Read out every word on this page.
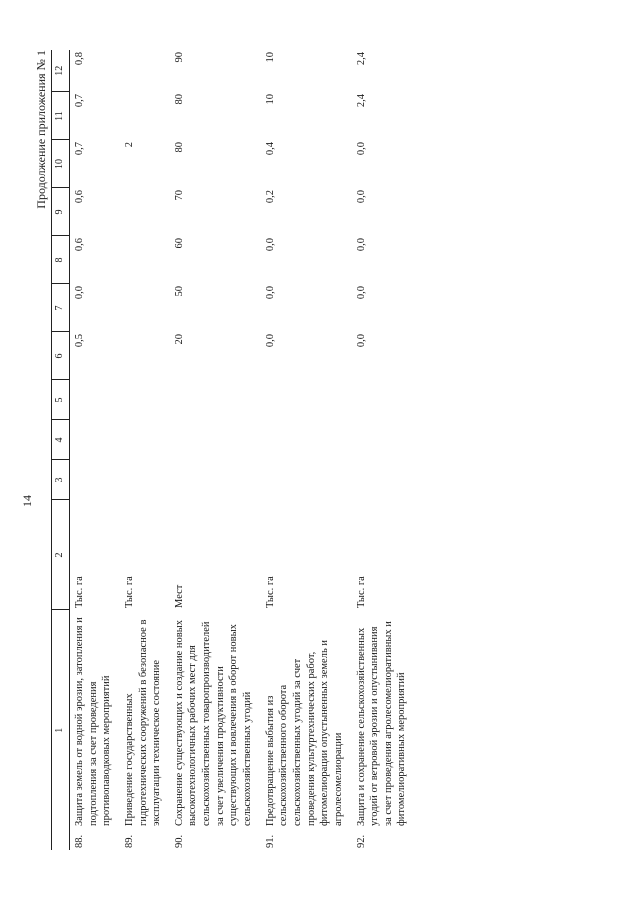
14
Продолжение приложения № 1
1	2	3	4	5	6	7	8	9	10	11	12
88.Защита земель от водной эрозии, затопления и подтопления за счет проведения противопаводковых мероприятий	Тыс. га				0,5	0,0	0,6	0,6	0,7	0,7	0,8
89.Приведение государственных гидротехнических сооружений в безопасное в эксплуатации техническое состояние	Тыс. га								2		
90.Сохранение существующих и создание новых высокотехнологичных рабочих мест для сельскохозяйственных товаропроизводителей за счет увеличения продуктивности существующих и вовлечения в оборот новых сельскохозяйственных угодий	Мест				20	50	60	70	80	80	90
91.Предотвращение выбытия из сельскохозяйственного оборота сельскохозяйственных угодий за счет проведения культуртехнических работ, фитомелиорации опустыненных земель и агролесомелиорации	Тыс. га				0,0	0,0	0,0	0,2	0,4	10	10
92.Защита и сохранение сельскохозяйственных угодий от ветровой эрозии и опустынивания за счет проведения агролесомелиоративных и фитомелиоративных мероприятий	Тыс. га				0,0	0,0	0,0	0,0	0,0	2,4	2,4
